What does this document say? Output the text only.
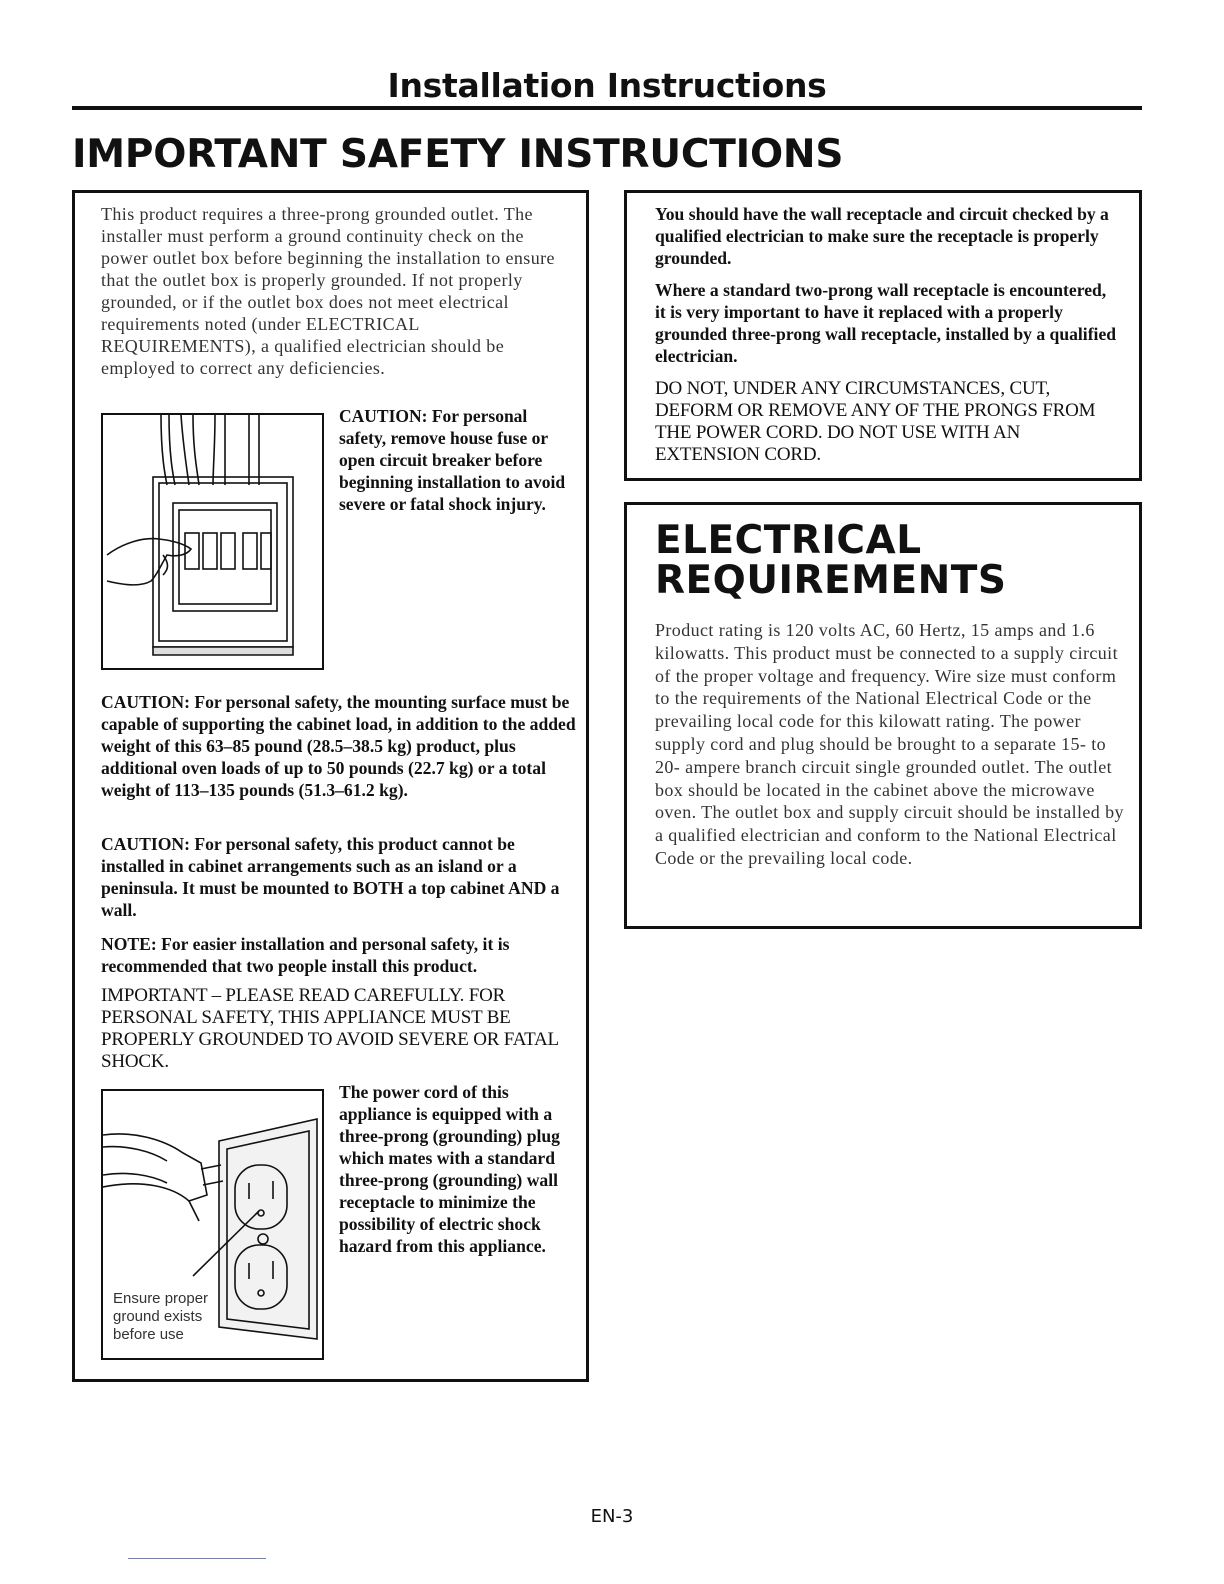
Installation Instructions
IMPORTANT SAFETY INSTRUCTIONS
This product requires a three-prong grounded outlet. The installer must perform a ground continuity check on the power outlet box before beginning the installation to ensure that the outlet box is properly grounded. If not properly grounded, or if the outlet box does not meet electrical requirements noted (under ELECTRICAL REQUIREMENTS), a qualified electrician should be employed to correct any deficiencies.
CAUTION: For personal safety, remove house fuse or open circuit breaker before beginning installation to avoid severe or fatal shock injury.
CAUTION: For personal safety, the mounting surface must be capable of supporting the cabinet load, in addition to the added weight of this 63–85 pound (28.5–38.5 kg) product, plus additional oven loads of up to 50 pounds (22.7 kg) or a total weight of 113–135 pounds (51.3–61.2 kg).
CAUTION: For personal safety, this product cannot be installed in cabinet arrangements such as an island or a peninsula. It must be mounted to BOTH a top cabinet AND a wall.
NOTE: For easier installation and personal safety, it is recommended that two people install this product.
IMPORTANT – PLEASE READ CAREFULLY. FOR PERSONAL SAFETY, THIS APPLIANCE MUST BE PROPERLY GROUNDED TO AVOID SEVERE OR FATAL SHOCK.
Ensure proper ground exists before use
The power cord of this appliance is equipped with a three-prong (grounding) plug which mates with a standard three-prong (grounding) wall receptacle to minimize the possibility of electric shock hazard from this appliance.
You should have the wall receptacle and circuit checked by a qualified electrician to make sure the receptacle is properly grounded.
Where a standard two-prong wall receptacle is encountered, it is very important to have it replaced with a properly grounded three-prong wall receptacle, installed by a qualified electrician.
DO NOT, UNDER ANY CIRCUMSTANCES, CUT, DEFORM OR REMOVE ANY OF THE PRONGS FROM THE POWER CORD. DO NOT USE WITH AN EXTENSION CORD.
ELECTRICAL REQUIREMENTS
Product rating is 120 volts AC, 60 Hertz, 15 amps and 1.6 kilowatts. This product must be connected to a supply circuit of the proper voltage and frequency. Wire size must conform to the requirements of the National Electrical Code or the prevailing local code for this kilowatt rating. The power supply cord and plug should be brought to a separate 15- to 20- ampere branch circuit single grounded outlet. The outlet box should be located in the cabinet above the microwave oven. The outlet box and supply circuit should be installed by a qualified electrician and conform to the National Electrical Code or the prevailing local code.
EN-3
